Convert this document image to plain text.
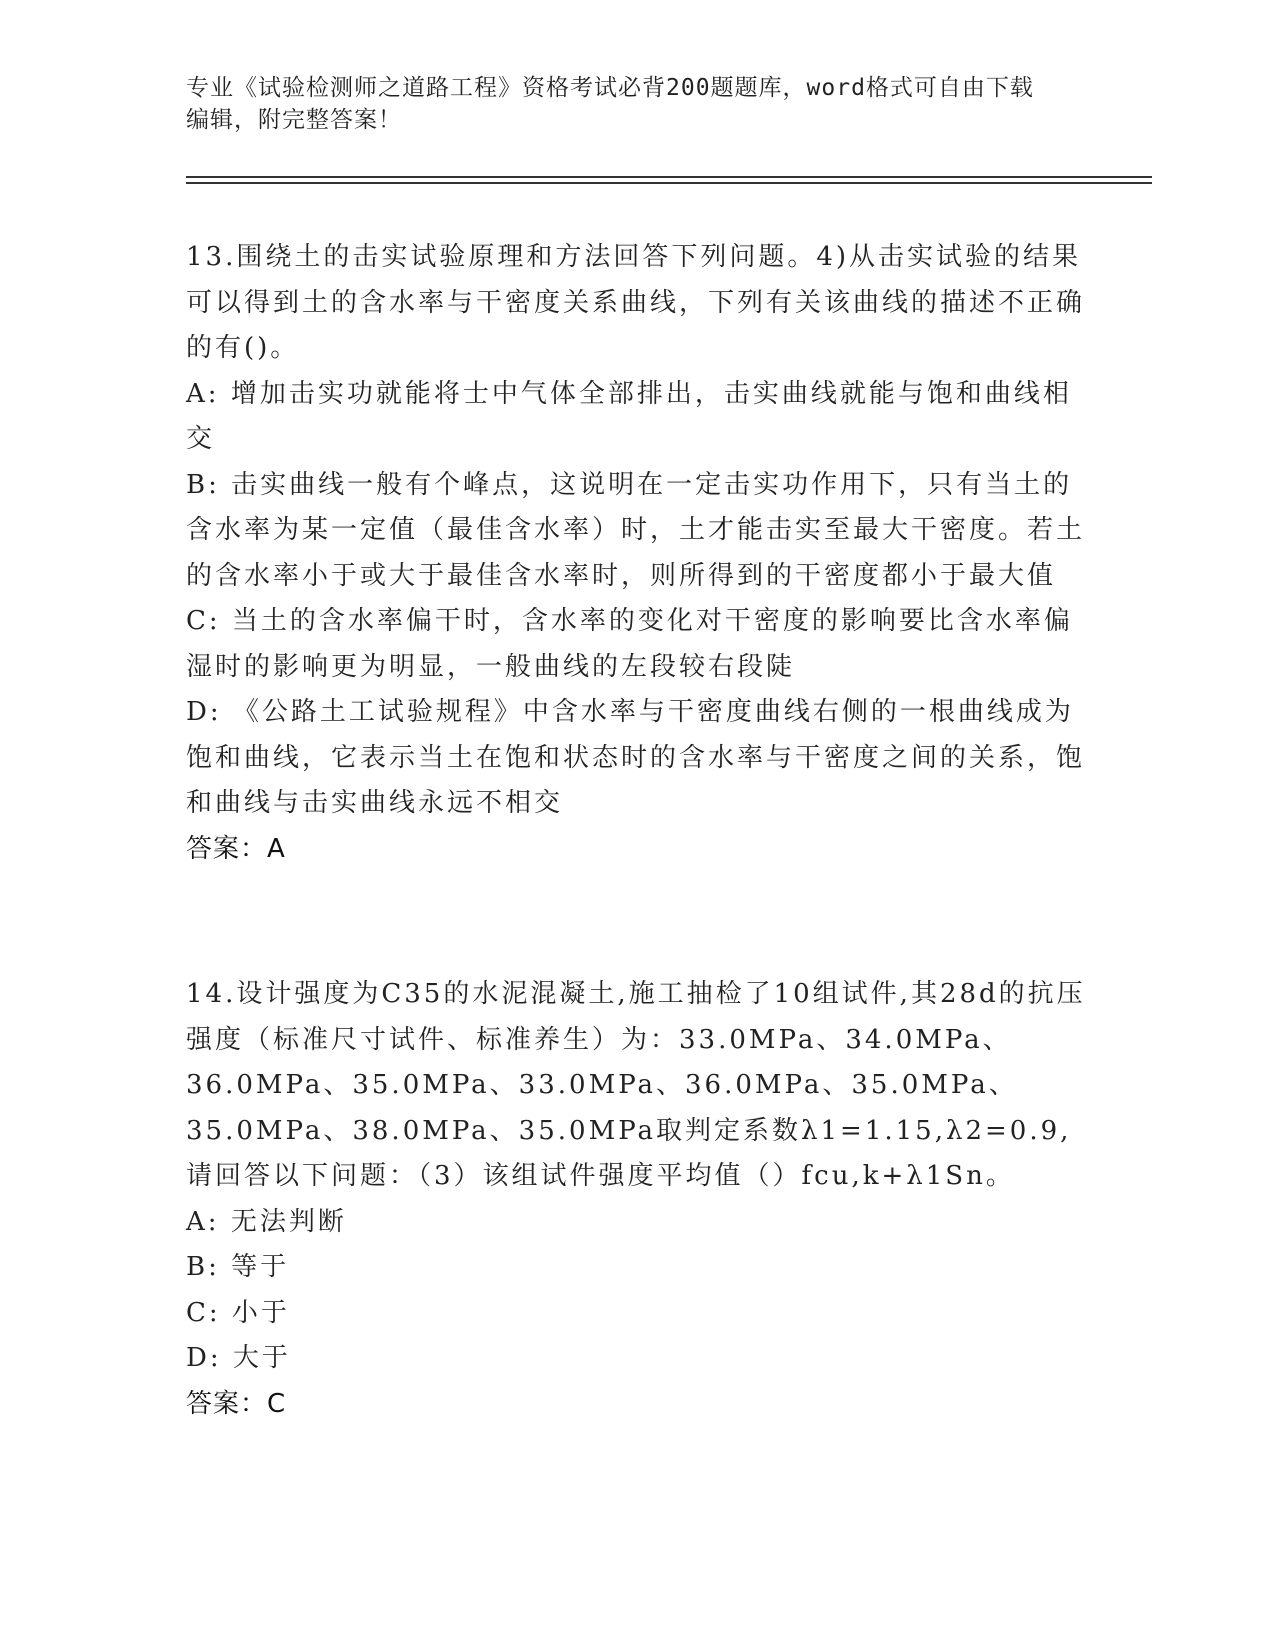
专业《试验检测师之道路工程》资格考试必背200题题库，word格式可自由下载
编辑，附完整答案！
13.围绕土的击实试验原理和方法回答下列问题。4)从击实试验的结果可以得到土的含水率与干密度关系曲线，下列有关该曲线的描述不正确的有()。
A: 增加击实功就能将士中气体全部排出，击实曲线就能与饱和曲线相交
B: 击实曲线一般有个峰点，这说明在一定击实功作用下，只有当土的含水率为某一定值（最佳含水率）时，土才能击实至最大干密度。若土的含水率小于或大于最佳含水率时，则所得到的干密度都小于最大值
C: 当土的含水率偏干时，含水率的变化对干密度的影响要比含水率偏湿时的影响更为明显，一般曲线的左段较右段陡
D: 《公路土工试验规程》中含水率与干密度曲线右侧的一根曲线成为饱和曲线，它表示当土在饱和状态时的含水率与干密度之间的关系，饱和曲线与击实曲线永远不相交
答案：A
14.设计强度为C35的水泥混凝土,施工抽检了10组试件,其28d的抗压强度（标准尺寸试件、标准养生）为：33.0MPa、34.0MPa、36.0MPa、35.0MPa、33.0MPa、36.0MPa、35.0MPa、35.0MPa、38.0MPa、35.0MPa取判定系数λ1=1.15,λ2=0.9,请回答以下问题：（3）该组试件强度平均值（）fcu,k+λ1Sn。
A: 无法判断
B: 等于
C: 小于
D: 大于
答案：C
